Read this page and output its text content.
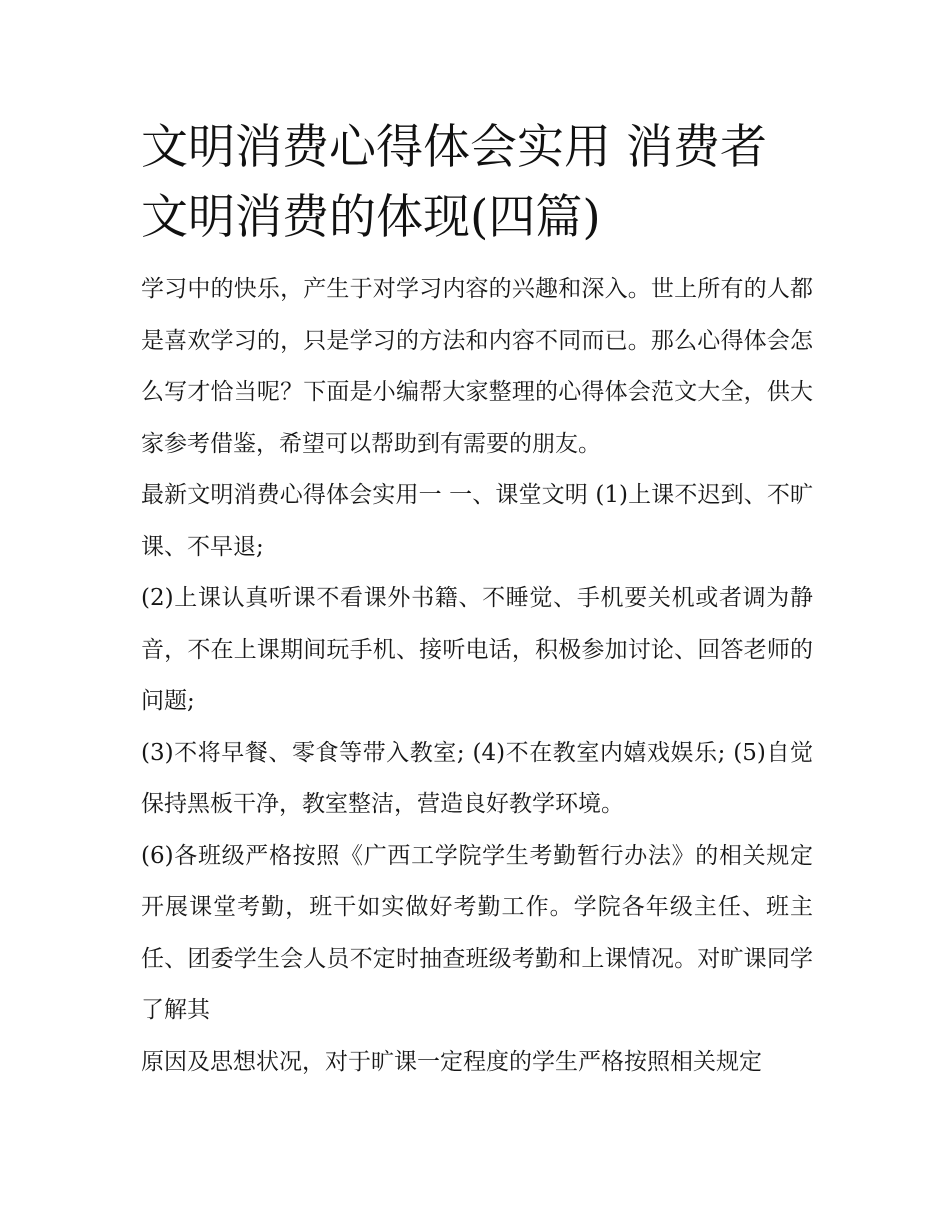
文明消费心得体会实用 消费者文明消费的体现(四篇)

学习中的快乐，产生于对学习内容的兴趣和深入。世上所有的人都是喜欢学习的，只是学习的方法和内容不同而已。那么心得体会怎么写才恰当呢？下面是小编帮大家整理的心得体会范文大全，供大家参考借鉴，希望可以帮助到有需要的朋友。

最新文明消费心得体会实用一 一、课堂文明 (1)上课不迟到、不旷课、不早退;

(2)上课认真听课不看课外书籍、不睡觉、手机要关机或者调为静音，不在上课期间玩手机、接听电话，积极参加讨论、回答老师的问题;

(3)不将早餐、零食等带入教室; (4)不在教室内嬉戏娱乐; (5)自觉保持黑板干净，教室整洁，营造良好教学环境。

(6)各班级严格按照《广西工学院学生考勤暂行办法》的相关规定开展课堂考勤，班干如实做好考勤工作。学院各年级主任、班主任、团委学生会人员不定时抽查班级考勤和上课情况。对旷课同学了解其

原因及思想状况，对于旷课一定程度的学生严格按照相关规定
